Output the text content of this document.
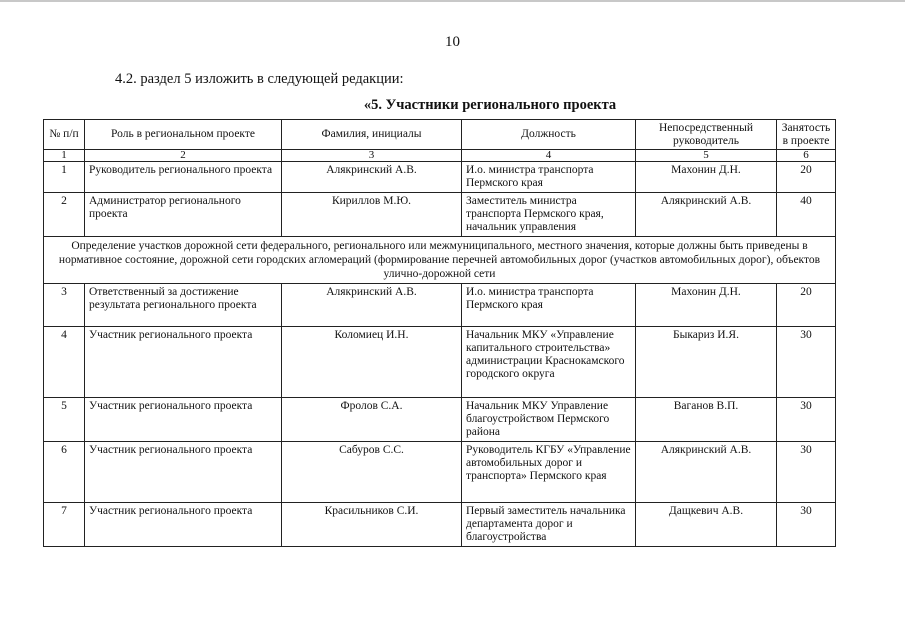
10
4.2. раздел 5 изложить в следующей редакции:
«5. Участники регионального проекта
№ п/п	Роль в региональном проекте	Фамилия, инициалы	Должность	Непосредственный руководитель	Занятость в проекте
1	2	3	4	5	6
1	Руководитель регионального проекта	Алякринский А.В.	И.о. министра транспорта Пермского края	Махонин Д.Н.	20
2	Администратор регионального проекта	Кириллов М.Ю.	Заместитель министра транспорта Пермского края, начальник управления	Алякринский А.В.	40
Определение участков дорожной сети федерального, регионального или межмуниципального, местного значения, которые должны быть приведены в нормативное состояние, дорожной сети городских агломераций (формирование перечней автомобильных дорог (участков автомобильных дорог), объектов улично-дорожной сети					
3	Ответственный за достижение результата регионального проекта	Алякринский А.В.	И.о. министра транспорта Пермского края	Махонин Д.Н.	20
4	Участник регионального проекта	Коломиец И.Н.	Начальник МКУ «Управление капитального строительства» администрации Краснокамского городского округа	Быкариз И.Я.	30
5	Участник регионального проекта	Фролов С.А.	Начальник МКУ Управление благоустройством Пермского района	Ваганов В.П.	30
6	Участник регионального проекта	Сабуров С.С.	Руководитель КГБУ «Управление автомобильных дорог и транспорта» Пермского края	Алякринский А.В.	30
7	Участник регионального проекта	Красильников С.И.	Первый заместитель начальника департамента дорог и благоустройства	Дащкевич А.В.	30
